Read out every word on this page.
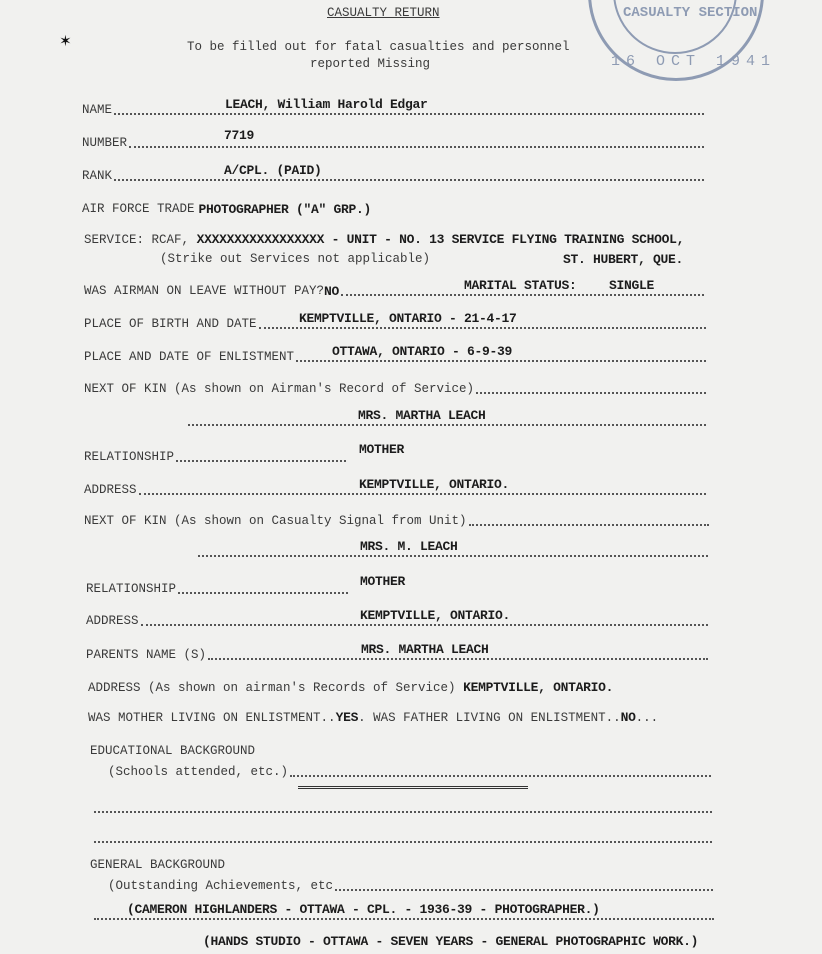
CASUALTY SECTION
16 OCT 1941
✶
CASUALTY RETURN
To be filled out for fatal casualties and personnel
reported Missing
NAME	LEACH, William Harold Edgar
NUMBER	7719
RANK	A/CPL. (PAID)
AIR FORCE TRADE PHOTOGRAPHER ("A" GRP.)
SERVICE: RCAF, XXXXXXXXXXXXXXXXX - UNIT - NO. 13 SERVICE FLYING TRAINING SCHOOL,
(Strike out Services not applicable)	ST. HUBERT, QUE.
WAS AIRMAN ON LEAVE WITHOUT PAY? NO	MARITAL STATUS: SINGLE
PLACE OF BIRTH AND DATE	KEMPTVILLE, ONTARIO - 21-4-17
PLACE AND DATE OF ENLISTMENT	OTTAWA, ONTARIO - 6-9-39
NEXT OF KIN (As shown on Airman's Record of Service)
MRS. MARTHA LEACH
RELATIONSHIP	MOTHER
ADDRESS	KEMPTVILLE, ONTARIO.
NEXT OF KIN (As shown on Casualty Signal from Unit)
MRS. M. LEACH
RELATIONSHIP	MOTHER
ADDRESS	KEMPTVILLE, ONTARIO.
PARENTS NAME (S)	MRS. MARTHA LEACH
ADDRESS (As shown on airman's Records of Service) KEMPTVILLE, ONTARIO.
WAS MOTHER LIVING ON ENLISTMENT..YES. WAS FATHER LIVING ON ENLISTMENT..NO...
EDUCATIONAL BACKGROUND
(Schools attended, etc.)
GENERAL BACKGROUND
(Outstanding Achievements, etc
(CAMERON HIGHLANDERS - OTTAWA - CPL. - 1936-39 - PHOTOGRAPHER.)
(HANDS STUDIO - OTTAWA - SEVEN YEARS - GENERAL PHOTOGRAPHIC WORK.)
